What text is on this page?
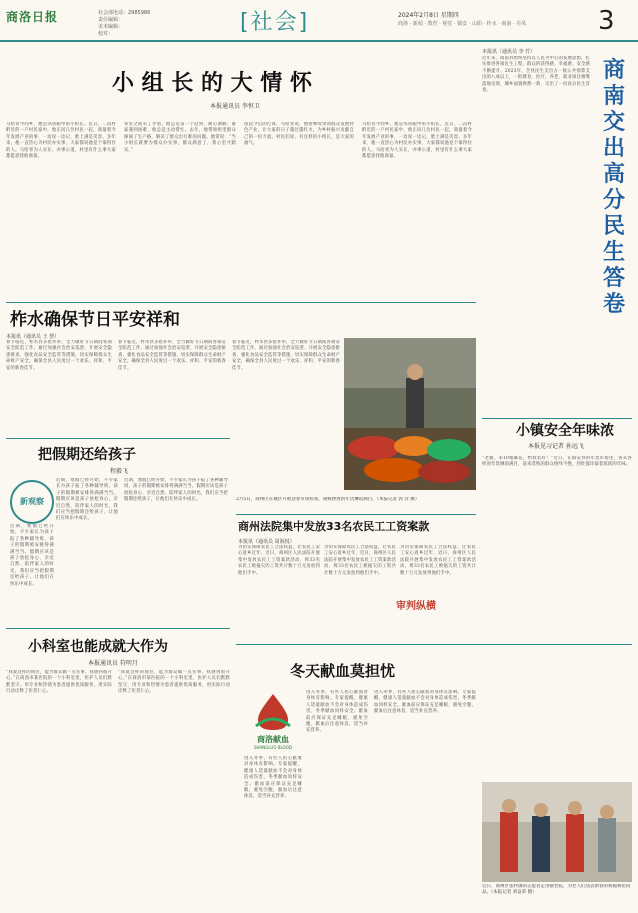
商洛日报	社会部电话：2985986
责任编辑：
美术编辑：
校对：	[社会]	2024年2月8日 星期四
商洛 · 新闻 · 教育 · 视觉 · 镇安 · 山阳 · 柞水 · 商南 · 丹凤	3
小 组 长 的 大 情 怀
本报通讯员 李恒卫
马哈青今同乡，他是邻居眼中的小组长。近日，二沟村附近的一户村民家中，他正同几位村民一起，商量着今年发展产业的事，一边说一边记，脸上满是笑容。多年来，他一直热心为村民办实事，大家都说他是个靠得住的人。马哈青为人实在，办事公道，村里有什么事大家都愿意找他商量。
邻里之间有了矛盾，他总是第一个赶到，耐心调解；谁家遇到困难，他总是主动帮忙。去年，他带领组里群众修通了生产路，解决了群众出行难的问题。他常说：“当小组长就要为群众办实事，群众满意了，我心里才踏实。”
谈起今后的打算，马哈青说，他将继续带领群众发展特色产业，让大家的日子越过越红火，为乡村振兴贡献自己的一份力量。村民们说，有这样的小组长，是大家的福气。
马哈青今同乡，他是邻居眼中的小组长。近日，二沟村附近的一户村民家中，他正同几位村民一起，商量着今年发展产业的事，一边说一边记，脸上满是笑容。多年来，他一直热心为村民办实事，大家都说他是个靠得住的人。马哈青为人实在，办事公道，村里有什么事大家都愿意找他商量。
近年来，商南县始终坚持以人民为中心的发展思想，扎实推进各项民生工程，群众的获得感、幸福感、安全感不断提升。2023年，全县民生支出占一般公共预算支出的八成以上，一批教育、医疗、养老、就业项目相继落地见效，城乡面貌焕然一新，交出了一份高分民生答卷。
本报讯（通讯员 李 竹）
商南交出高分民生答卷
柞水确保节日平安祥和
春节临近，柞水县多措并举，全力做好节日期间各项安全防范工作，通过加强社会治安巡逻、开展安全隐患排查、强化食品安全监管等措施，切实保障群众生命财产安全，确保全县人民度过一个欢乐、祥和、平安的新春佳节。
本报讯（通讯员 王 慧）
春节临近，柞水县多措并举，全力做好节日期间各项安全防范工作，通过加强社会治安巡逻、开展安全隐患排查、强化食品安全监管等措施，切实保障群众生命财产安全，确保全县人民度过一个欢乐、祥和、平安的新春佳节。
春节临近，柞水县多措并举，全力做好节日期间各项安全防范工作，通过加强社会治安巡逻、开展安全隐患排查、强化食品安全监管等措施，切实保障群众生命财产安全，确保全县人民度过一个欢乐、祥和、平安的新春佳节。
2月5日，商州区在城区开展迎春市场检查，商贩摆放的年货琳琅满目。（本报记者 郭 洋 摄）
把假期还给孩子
程毅飞
新观察
近期，寒假已经开始，不少家长为孩子报了各种辅导班，孩子的假期被安排得满满当当。假期应该是孩子放松身心、亲近自然、陪伴家人的时光，我们应当把假期还给孩子，让他们在快乐中成长。
近期，寒假已经开始，不少家长为孩子报了各种辅导班，孩子的假期被安排得满满当当。假期应该是孩子放松身心、亲近自然、陪伴家人的时光，我们应当把假期还给孩子，让他们在快乐中成长。
近期，寒假已经开始，不少家长为孩子报了各种辅导班，孩子的假期被安排得满满当当。假期应该是孩子放松身心、亲近自然、陪伴家人的时光，我们应当把假期还给孩子，让他们在快乐中成长。
小镇安全年味浓
本报见习记者 孙远飞
“老板，来10根麻花，给我装好！”近日，在镇安县的年货市场里，各式各样的年货琳琅满目，前来选购的群众络绎不绝，到处都洋溢着浓浓的年味。
商州法院集中发放33名农民工工资案款
本报讯（通讯员 周海悦）
为切实保障农民工合法权益，让农民工安心返乡过年，近日，商州区人民法院开展集中发放农民工工资案款活动，将33名农民工被拖欠的工资共计数十万元发放到他们手中。
为切实保障农民工合法权益，让农民工安心返乡过年，近日，商州区人民法院开展集中发放农民工工资案款活动，将33名农民工被拖欠的工资共计数十万元发放到他们手中。
为切实保障农民工合法权益，让农民工安心返乡过年，近日，商州区人民法院开展集中发放农民工工资案款活动，将33名农民工被拖欠的工资共计数十万元发放到他们手中。
审判纵横
小科室也能成就大作为
本报通讯员 符明月
“我爱这样的岗位，能为群众做一点实事，我感到很开心。”在商洛市某医院的一个小科室里，医护人员们默默坚守，用专业和热情为患者提供优质服务，用实际行动诠释了医者仁心。
“我爱这样的岗位，能为群众做一点实事，我感到很开心。”在商洛市某医院的一个小科室里，医护人员们默默坚守，用专业和热情为患者提供优质服务，用实际行动诠释了医者仁心。
冬天献血莫担忧
商洛献血
SHANGLUO BLOOD
进入冬季，有些人担心献血对身体有影响。专家提醒，健康人适量献血不会对身体造成伤害，冬季献血同样安全。献血前应保证充足睡眠，避免空腹，献血后注意休息，适当补充营养。
进入冬季，有些人担心献血对身体有影响。专家提醒，健康人适量献血不会对身体造成伤害，冬季献血同样安全。献血前应保证充足睡眠，避免空腹，献血后注意休息，适当补充营养。
进入冬季，有些人担心献血对身体有影响。专家提醒，健康人适量献血不会对身体造成伤害，冬季献血同样安全。献血前应保证充足睡眠，避免空腹，献血后注意休息，适当补充营养。
近日，商州区张村镇的志愿者走进敬老院，为老人们送去新春的祝福和慰问品。（本报记者 刘奋荣 摄）
